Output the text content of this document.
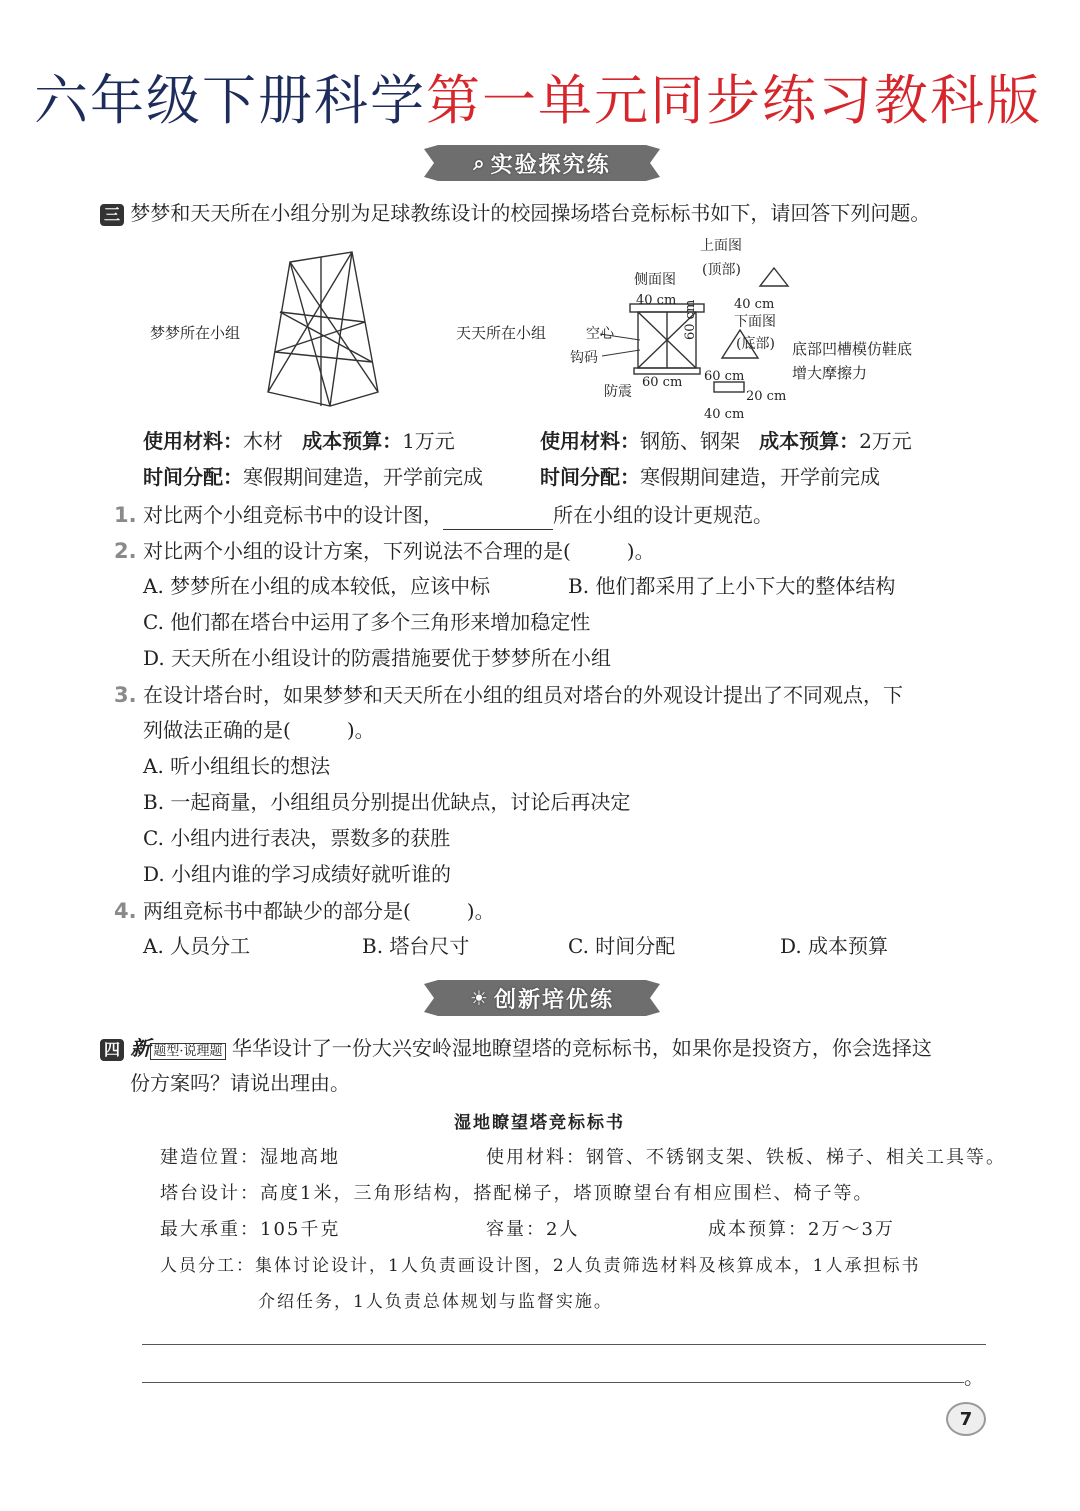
六年级下册科学第一单元同步练习教科版
⌕ 实验探究练
三 梦梦和天天所在小组分别为足球教练设计的校园操场塔台竞标标书如下，请回答下列问题。
梦梦所在小组	天天所在小组
上面图
(顶部)
侧面图
40 cm	40 cm
下面图
(底部)
60 cm
空心
钩码
防震
60 cm 60 cm
20 cm
40 cm
底部凹槽模仿鞋底
增大摩擦力
使用材料：木材 成本预算：1万元	使用材料：钢筋、钢架 成本预算：2万元
时间分配：寒假期间建造，开学前完成	时间分配：寒假期间建造，开学前完成
1. 对比两个小组竞标书中的设计图，	所在小组的设计更规范。
2. 对比两个小组的设计方案，下列说法不合理的是(	)。
A. 梦梦所在小组的成本较低，应该中标	B. 他们都采用了上小下大的整体结构
C. 他们都在塔台中运用了多个三角形来增加稳定性
D. 天天所在小组设计的防震措施要优于梦梦所在小组
3. 在设计塔台时，如果梦梦和天天所在小组的组员对塔台的外观设计提出了不同观点，下
列做法正确的是(	)。
A. 听小组组长的想法
B. 一起商量，小组组员分别提出优缺点，讨论后再决定
C. 小组内进行表决，票数多的获胜
D. 小组内谁的学习成绩好就听谁的
4. 两组竞标书中都缺少的部分是(	)。
A. 人员分工	B. 塔台尺寸	C. 时间分配	D. 成本预算
☀ 创新培优练
四 新 题型·说理题 华华设计了一份大兴安岭湿地瞭望塔的竞标标书，如果你是投资方，你会选择这
份方案吗？请说出理由。
湿地瞭望塔竞标标书
建造位置：湿地高地	使用材料：钢管、不锈钢支架、铁板、梯子、相关工具等。
塔台设计：高度1米，三角形结构，搭配梯子，塔顶瞭望台有相应围栏、椅子等。
最大承重：105千克	容量：2人	成本预算：2万～3万
人员分工：集体讨论设计，1人负责画设计图，2人负责筛选材料及核算成本，1人承担标书
介绍任务，1人负责总体规划与监督实施。
。
7
